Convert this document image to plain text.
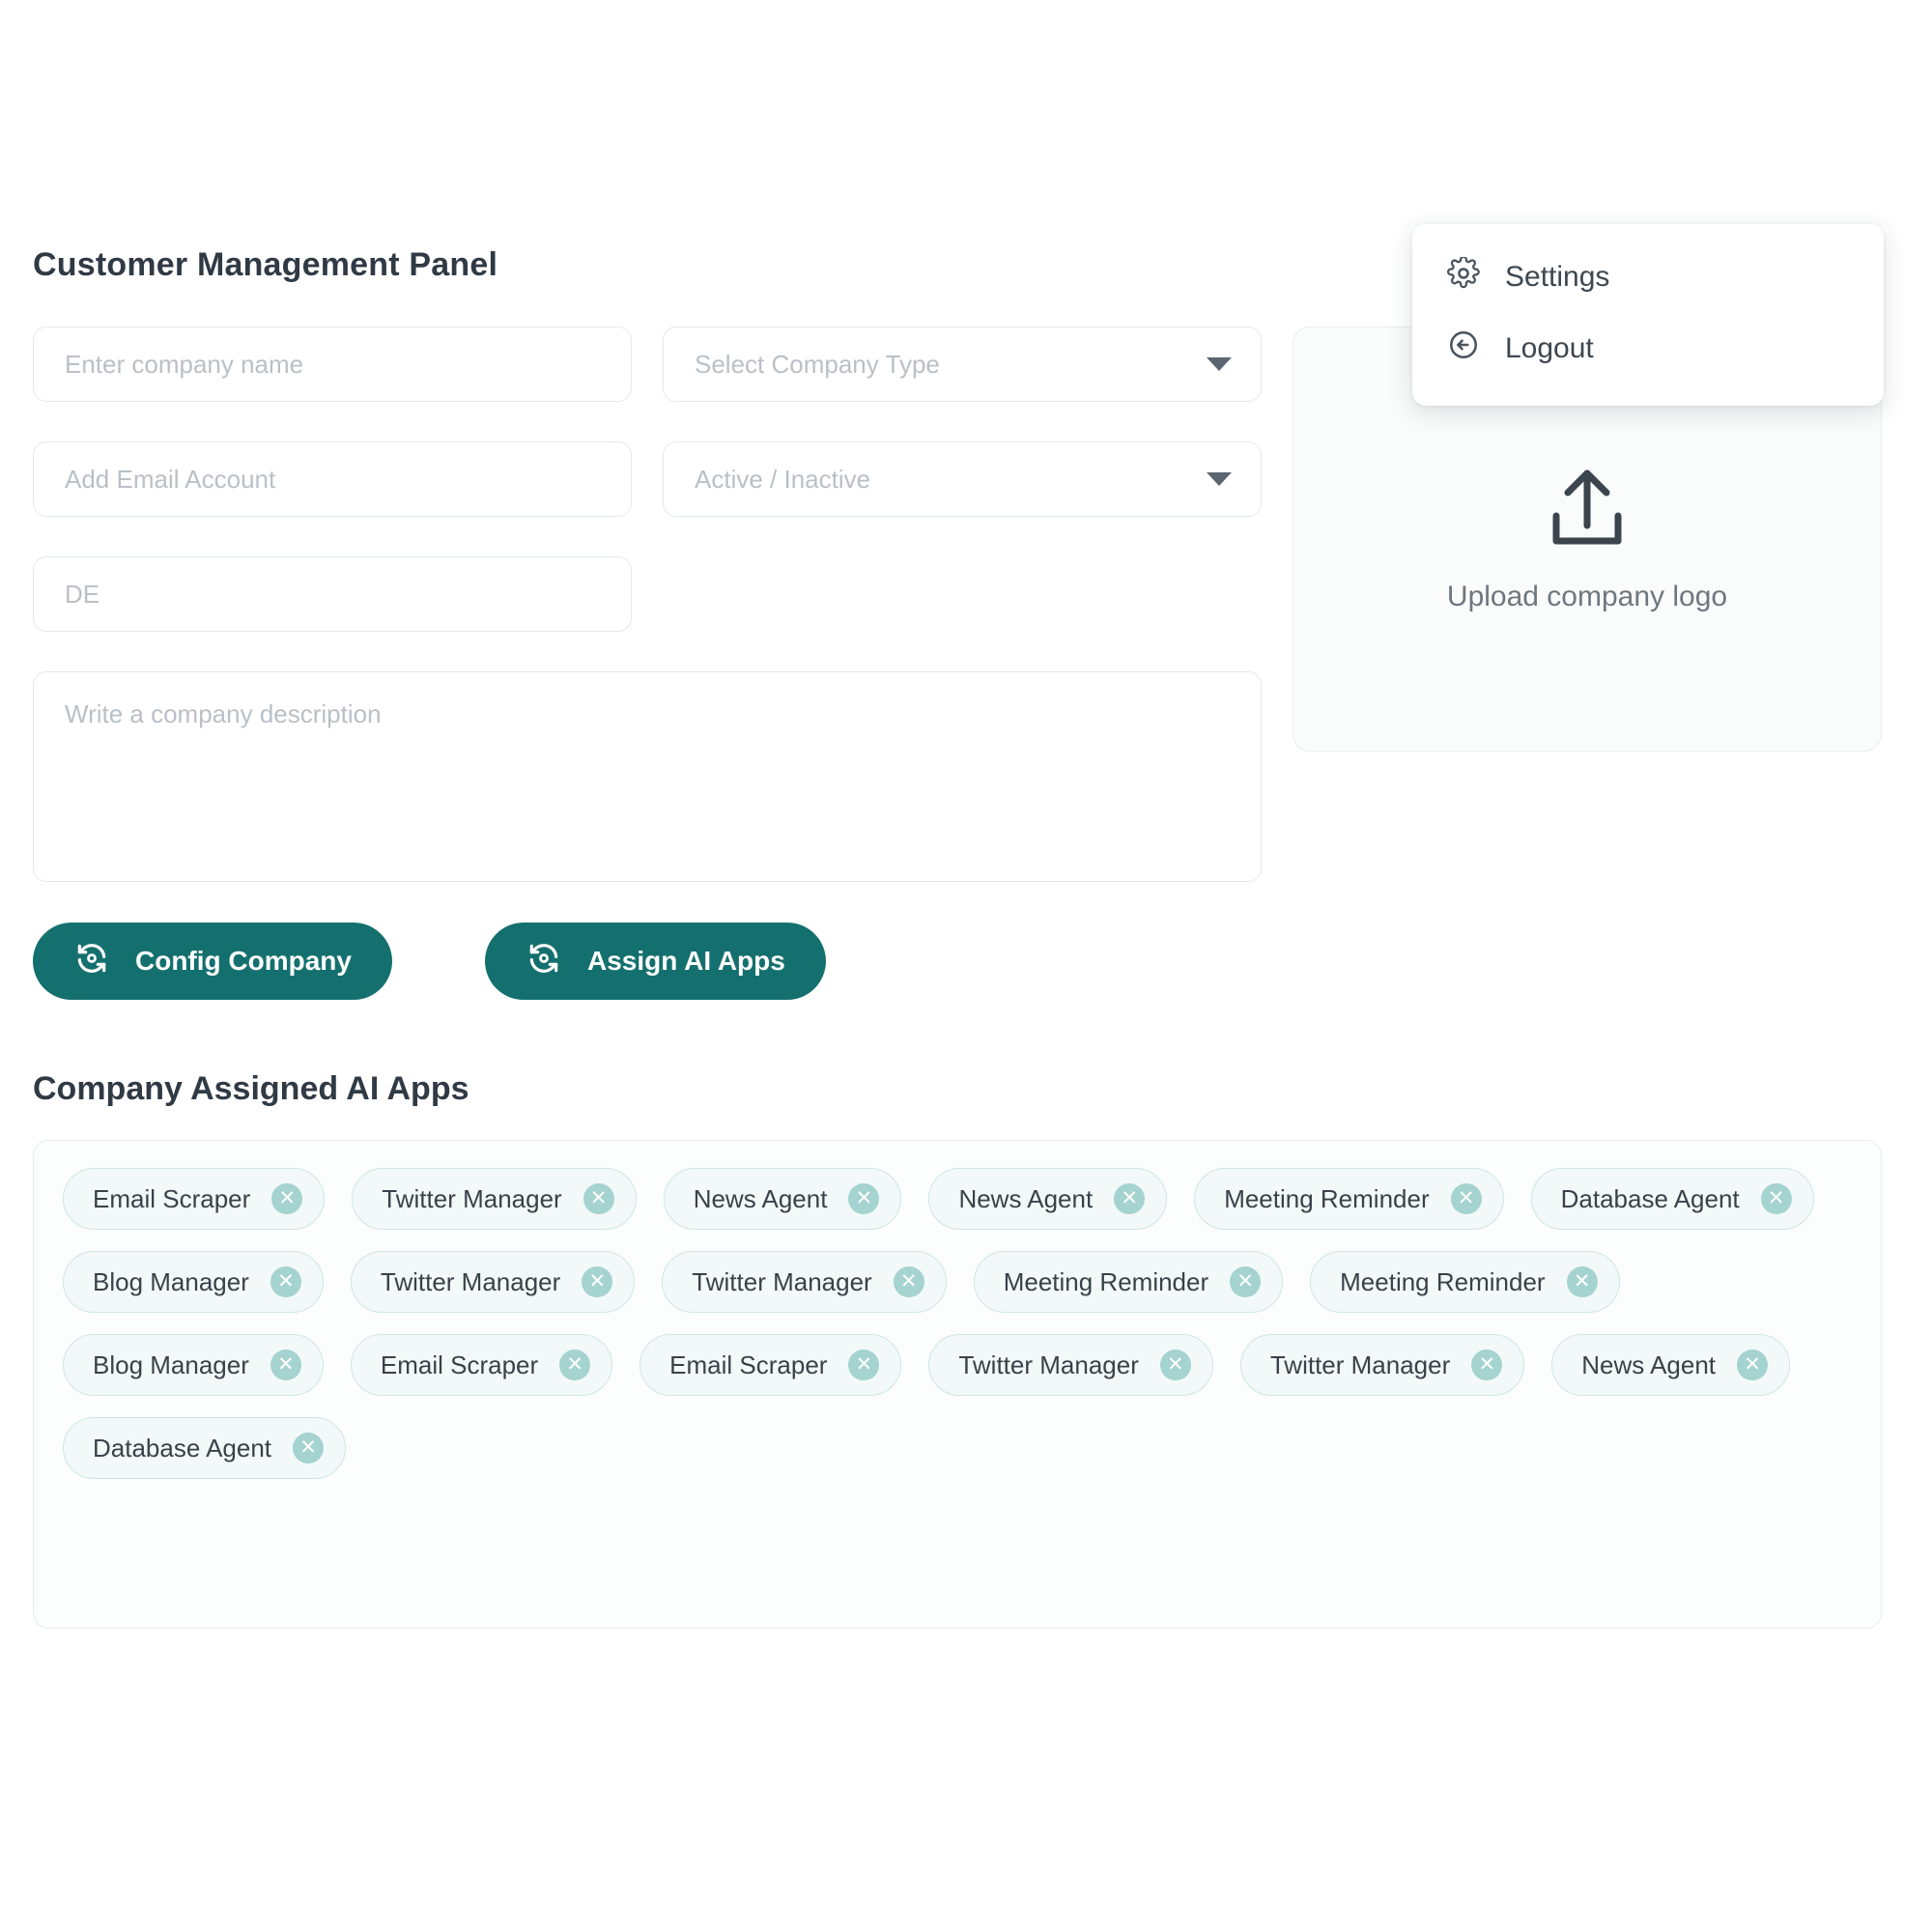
Customer Management Panel
Enter company name
Add Email Account
DE
Select Company Type
Active / Inactive
Write a company description
Upload company logo
Settings
Logout
Config Company	Assign AI Apps
Company Assigned AI Apps
Email Scraper	✕	Twitter Manager	✕	News Agent	✕	News Agent	✕	Meeting Reminder	✕	Database Agent	✕
Blog Manager	✕	Twitter Manager	✕	Twitter Manager	✕	Meeting Reminder	✕	Meeting Reminder	✕
Blog Manager	✕	Email Scraper	✕	Email Scraper	✕	Twitter Manager	✕	Twitter Manager	✕	News Agent	✕
Database Agent	✕
